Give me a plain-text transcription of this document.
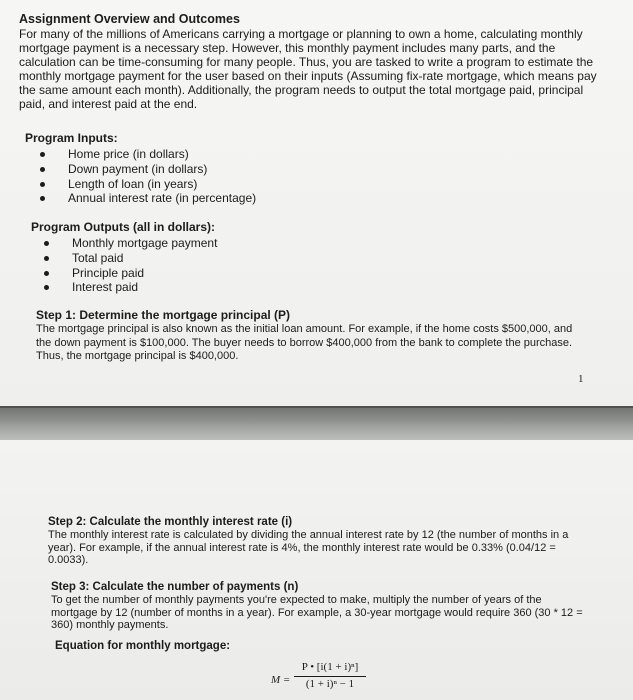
Assignment Overview and Outcomes
For many of the millions of Americans carrying a mortgage or planning to own a home, calculating monthly mortgage payment is a necessary step. However, this monthly payment includes many parts, and the calculation can be time-consuming for many people. Thus, you are tasked to write a program to estimate the monthly mortgage payment for the user based on their inputs (Assuming fix-rate mortgage, which means pay the same amount each month). Additionally, the program needs to output the total mortgage paid, principal paid, and interest paid at the end.
Program Inputs:
Home price (in dollars)
Down payment (in dollars)
Length of loan (in years)
Annual interest rate (in percentage)
Program Outputs (all in dollars):
Monthly mortgage payment
Total paid
Principle paid
Interest paid
Step 1: Determine the mortgage principal (P)
The mortgage principal is also known as the initial loan amount. For example, if the home costs $500,000, and the down payment is $100,000. The buyer needs to borrow $400,000 from the bank to complete the purchase. Thus, the mortgage principal is $400,000.
1
Step 2: Calculate the monthly interest rate (i)
The monthly interest rate is calculated by dividing the annual interest rate by 12 (the number of months in a year). For example, if the annual interest rate is 4%, the monthly interest rate would be 0.33% (0.04/12 = 0.0033).
Step 3: Calculate the number of payments (n)
To get the number of monthly payments you're expected to make, multiply the number of years of the mortgage by 12 (number of months in a year). For example, a 30-year mortgage would require 360 (30 * 12 = 360) monthly payments.
Equation for monthly mortgage:
M =
P • [i(1 + i)ⁿ]
(1 + i)ⁿ − 1
